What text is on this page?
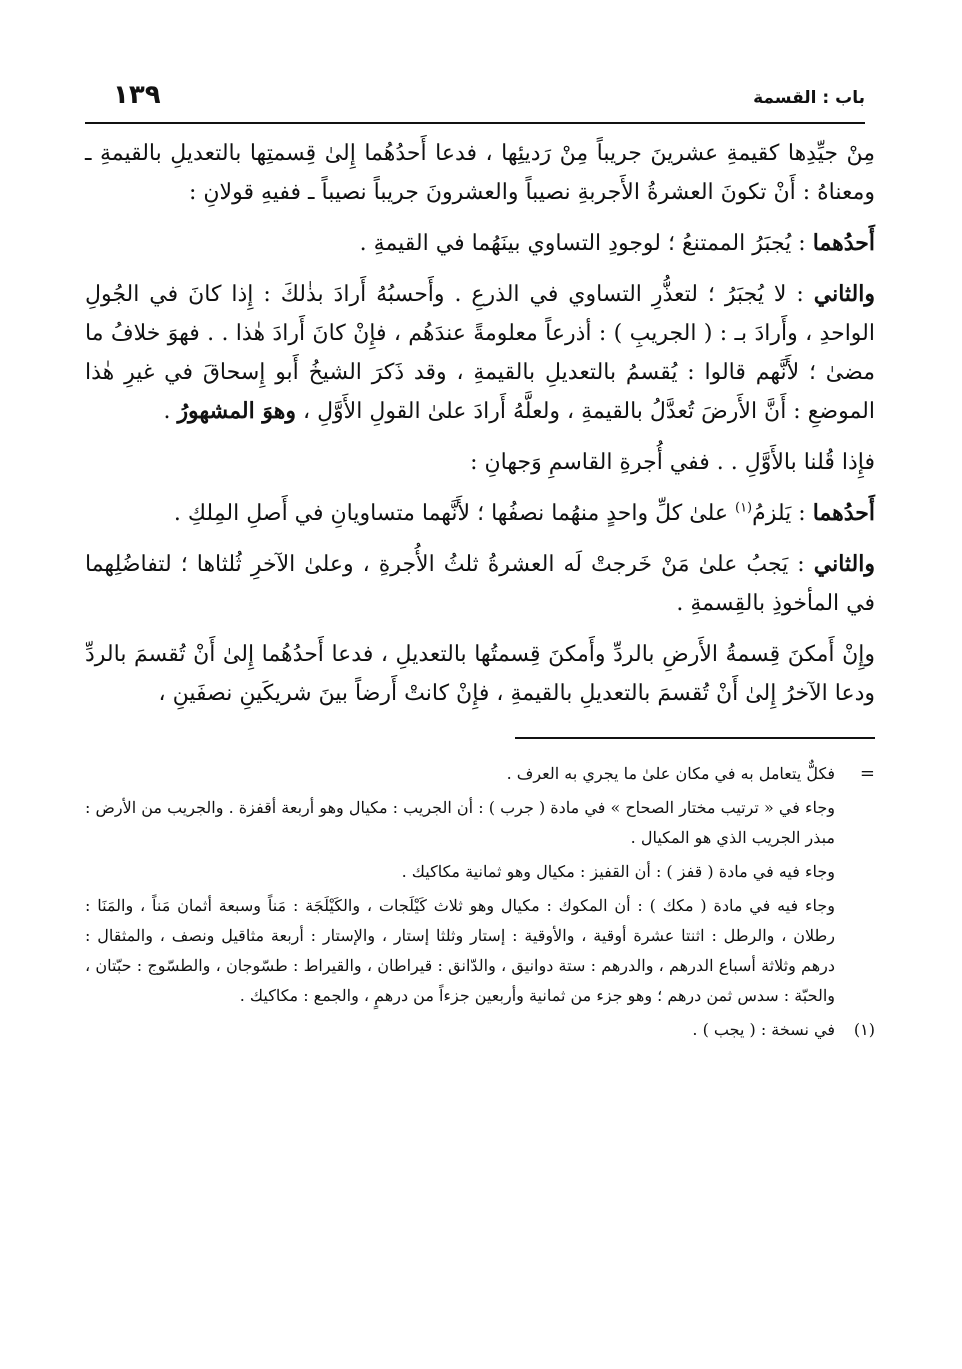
باب : القسمة
١٣٩

مِنْ جيِّدِها كقيمةِ عشرينَ جريباً مِنْ رَديئِها ، فدعا أَحدُهُما إِلىٰ قِسمتِها بالتعديلِ بالقيمةِ ـ ومعناهُ : أَنْ تكونَ العشرةُ الأَجربةِ نصيباً والعشرونَ جريباً نصيباً ـ ففيهِ قولانِ :

أَحدُهما : يُجبَرُ الممتنعُ ؛ لوجودِ التساوي بينَهُما في القيمةِ .

والثاني : لا يُجبَرُ ؛ لتعذُّرِ التساوي في الذرعِ . وأَحسبُهُ أَرادَ بذٰلكَ : إِذا كانَ في الجُولِ الواحدِ ، وأَرادَ بـ : ( الجريبِ ) : أذرعاً معلومةً عندَهُم ، فإِنْ كانَ أَرادَ هٰذا . . فهوَ خلافُ ما مضىٰ ؛ لأَنَّهم قالوا : يُقسمُ بالتعديلِ بالقيمةِ ، وقد ذَكرَ الشيخُ أَبو إِسحاقَ في غيرِ هٰذا الموضعِ : أَنَّ الأَرضَ تُعدَّلُ بالقيمةِ ، ولعلَّهُ أَرادَ علىٰ القولِ الأَوَّلِ ، وهوَ المشهورُ .

فإِذا قُلنا بالأَوَّلِ . . ففي أُجرةِ القاسمِ وَجهانِ :

أَحدُهما : يَلزمُ$^{(١)}$ علىٰ كلِّ واحدٍ منهُما نصفُها ؛ لأَنَّهما متساويانِ في أَصلِ المِلكِ .

والثاني : يَجبُ علىٰ مَنْ خَرجتْ لَه العشرةُ ثلثُ الأُجرةِ ، وعلىٰ الآخرِ ثُلثاها ؛ لتفاضُلِهما في المأخوذِ بالقِسمةِ .

وإِنْ أَمكنَ قِسمةُ الأَرضِ بالردِّ وأَمكنَ قِسمتُها بالتعديلِ ، فدعا أَحدُهُما إِلىٰ أَنْ تُقسمَ بالردِّ ودعا الآخرُ إِلىٰ أَنْ تُقسمَ بالتعديلِ بالقيمةِ ، فإِنْ كانتْ أَرضاً بينَ شريكَينِ نصفَينِ ،

=

فكلٌّ يتعامل به في مكان علىٰ ما يجري به العرف .

وجاء في « ترتيب مختار الصحاح » في مادة ( جرب ) : أن الجريب : مكيال وهو أربعة أقفزة . والجريب من الأرض : مبذر الجريب الذي هو المكيال .

وجاء فيه في مادة ( قفز ) : أن القفيز : مكيال وهو ثمانية مكاكيك .

وجاء فيه في مادة ( مكك ) : أن المكوك : مكيال وهو ثلاث كَيْلَجات ، والكَيْلَجَة : مَناً وسبعة أثمان مَناً ، والمَنَا : رطلان ، والرطل : اثنتا عشرة أوقية ، والأوقية : إستار وثلثا إستار ، والإستار : أربعة مثاقيل ونصف ، والمثقال : درهم وثلاثة أسباع الدرهم ، والدرهم : ستة دوانيق ، والدّانق : قيراطان ، والقيراط : طسّوجان ، والطسّوج : حبّتان ، والحبّة : سدس ثمن درهم ؛ وهو جزء من ثمانية وأربعين جزءاً من درهمٍ ، والجمع : مكاكيك .

(١)
في نسخة : ( يجب ) .
